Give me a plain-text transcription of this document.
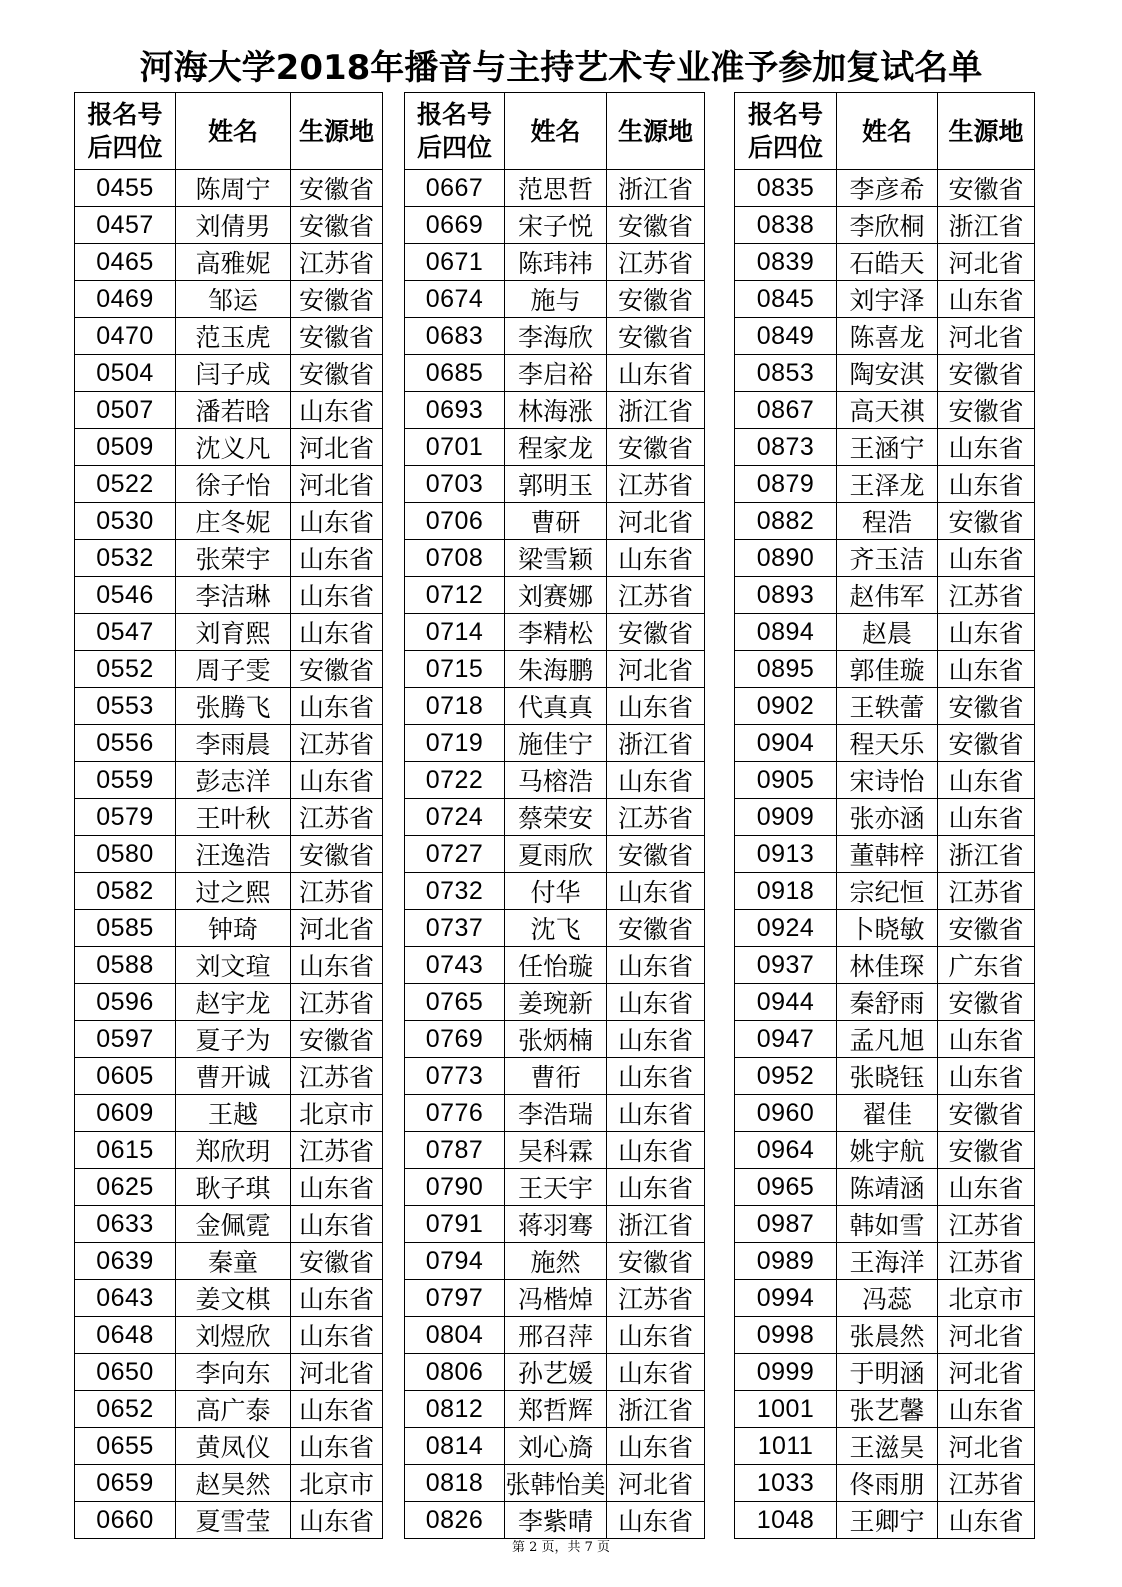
河海大学2018年播音与主持艺术专业准予参加复试名单
报名号
后四位	姓名	生源地
0455	陈周宁	安徽省
0457	刘倩男	安徽省
0465	高雅妮	江苏省
0469	邹运	安徽省
0470	范玉虎	安徽省
0504	闫子成	安徽省
0507	潘若晗	山东省
0509	沈义凡	河北省
0522	徐子怡	河北省
0530	庄冬妮	山东省
0532	张荣宇	山东省
0546	李洁琳	山东省
0547	刘育熙	山东省
0552	周子雯	安徽省
0553	张腾飞	山东省
0556	李雨晨	江苏省
0559	彭志洋	山东省
0579	王叶秋	江苏省
0580	汪逸浩	安徽省
0582	过之熙	江苏省
0585	钟琦	河北省
0588	刘文瑄	山东省
0596	赵宇龙	江苏省
0597	夏子为	安徽省
0605	曹开诚	江苏省
0609	王越	北京市
0615	郑欣玥	江苏省
0625	耿子琪	山东省
0633	金佩霓	山东省
0639	秦童	安徽省
0643	姜文棋	山东省
0648	刘煜欣	山东省
0650	李向东	河北省
0652	高广泰	山东省
0655	黄凤仪	山东省
0659	赵昊然	北京市
0660	夏雪莹	山东省
报名号
后四位	姓名	生源地
0667	范思哲	浙江省
0669	宋子悦	安徽省
0671	陈玮祎	江苏省
0674	施与	安徽省
0683	李海欣	安徽省
0685	李启裕	山东省
0693	林海涨	浙江省
0701	程家龙	安徽省
0703	郭明玉	江苏省
0706	曹研	河北省
0708	梁雪颖	山东省
0712	刘赛娜	江苏省
0714	李精松	安徽省
0715	朱海鹏	河北省
0718	代真真	山东省
0719	施佳宁	浙江省
0722	马榕浩	山东省
0724	蔡荣安	江苏省
0727	夏雨欣	安徽省
0732	付华	山东省
0737	沈飞	安徽省
0743	任怡璇	山东省
0765	姜琬新	山东省
0769	张炳楠	山东省
0773	曹衎	山东省
0776	李浩瑞	山东省
0787	吴科霖	山东省
0790	王天宇	山东省
0791	蒋羽骞	浙江省
0794	施然	安徽省
0797	冯楷焯	江苏省
0804	邢召萍	山东省
0806	孙艺媛	山东省
0812	郑哲辉	浙江省
0814	刘心旖	山东省
0818	张韩怡美	河北省
0826	李紫晴	山东省
报名号
后四位	姓名	生源地
0835	李彦希	安徽省
0838	李欣桐	浙江省
0839	石皓天	河北省
0845	刘宇泽	山东省
0849	陈喜龙	河北省
0853	陶安淇	安徽省
0867	高天祺	安徽省
0873	王涵宁	山东省
0879	王泽龙	山东省
0882	程浩	安徽省
0890	齐玉洁	山东省
0893	赵伟军	江苏省
0894	赵晨	山东省
0895	郭佳璇	山东省
0902	王轶蕾	安徽省
0904	程天乐	安徽省
0905	宋诗怡	山东省
0909	张亦涵	山东省
0913	董韩梓	浙江省
0918	宗纪恒	江苏省
0924	卜晓敏	安徽省
0937	林佳琛	广东省
0944	秦舒雨	安徽省
0947	孟凡旭	山东省
0952	张晓钰	山东省
0960	翟佳	安徽省
0964	姚宇航	安徽省
0965	陈靖涵	山东省
0987	韩如雪	江苏省
0989	王海洋	江苏省
0994	冯蕊	北京市
0998	张晨然	河北省
0999	于明涵	河北省
1001	张艺馨	山东省
1011	王滋昊	河北省
1033	佟雨朋	江苏省
1048	王卿宁	山东省
第 2 页，共 7 页
